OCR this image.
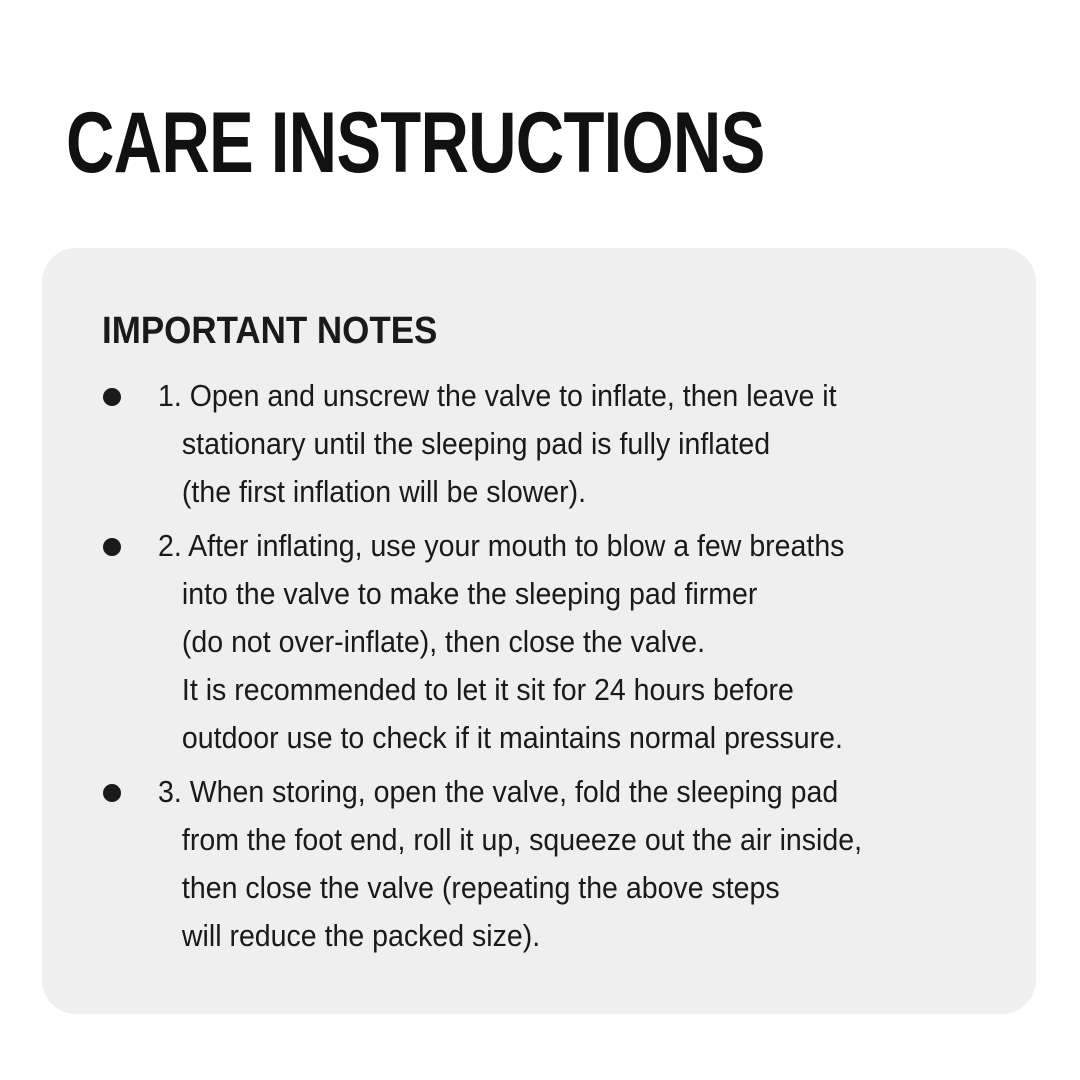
CARE INSTRUCTIONS
IMPORTANT NOTES
1. Open and unscrew the valve to inflate, then leave it
stationary until the sleeping pad is fully inflated
(the first inflation will be slower).
2. After inflating, use your mouth to blow a few breaths
into the valve to make the sleeping pad firmer
(do not over-inflate), then close the valve.
It is recommended to let it sit for 24 hours before
outdoor use to check if it maintains normal pressure.
3. When storing, open the valve, fold the sleeping pad
from the foot end, roll it up, squeeze out the air inside,
then close the valve (repeating the above steps
will reduce the packed size).
